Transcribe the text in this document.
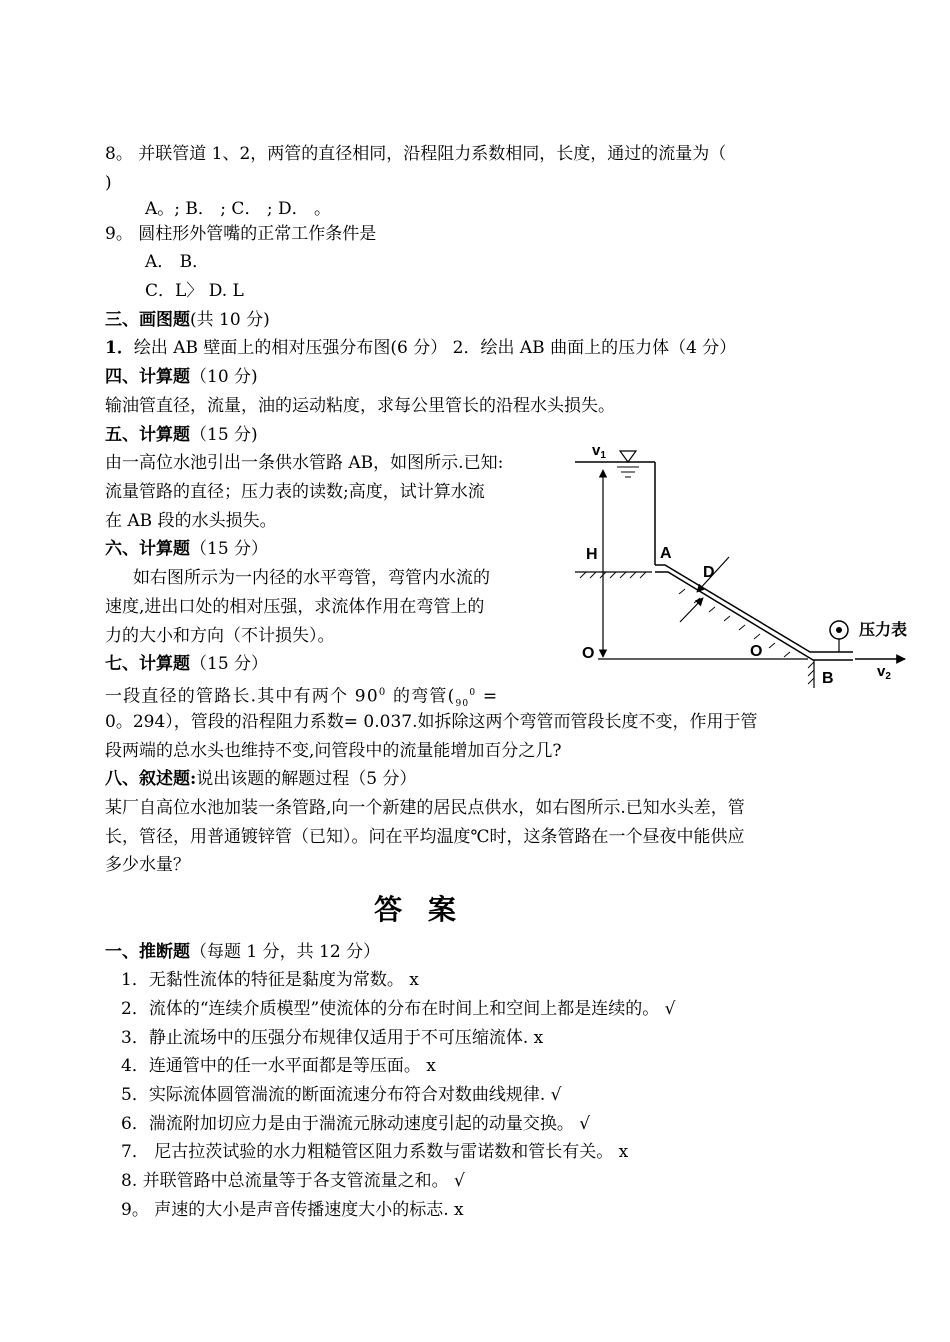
8。 并联管道 1、2，两管的直径相同，沿程阻力系数相同，长度，通过的流量为（
)
A。; B． ; C． ; D． 。
9。 圆柱形外管嘴的正常工作条件是
A． B．
C．L〉 D. L
三、画图题(共 10 分)
1．绘出 AB 壁面上的相对压强分布图(6 分） 2．绘出 AB 曲面上的压力体（4 分）
四、计算题（10 分)
输油管直径，流量，油的运动粘度，求每公里管长的沿程水头损失。
五、计算题（15 分)
由一高位水池引出一条供水管路 AB，如图所示.已知:
流量管路的直径；压力表的读数;高度，试计算水流
在 AB 段的水头损失。
六、计算题（15 分）
如右图所示为一内径的水平弯管，弯管内水流的
速度,进出口处的相对压强，求流体作用在弯管上的
力的大小和方向（不计损失）。
七、计算题（15 分）
一段直径的管路长.其中有两个 $90^0$ 的弯管($_{90}^0$ =
0。294），管段的沿程阻力系数= 0.037.如拆除这两个弯管而管段长度不变，作用于管
段两端的总水头也维持不变,问管段中的流量能增加百分之几?
八、叙述题:说出该题的解题过程（5 分）
某厂自高位水池加装一条管路,向一个新建的居民点供水，如右图所示.已知水头差，管
长，管径，用普通镀锌管（已知）。问在平均温度℃时，这条管路在一个昼夜中能供应
多少水量？
答 案
一、推断题（每题 1 分，共 12 分）
1．无黏性流体的特征是黏度为常数。 x
2．流体的“连续介质模型”使流体的分布在时间上和空间上都是连续的。 √
3．静止流场中的压强分布规律仅适用于不可压缩流体. x
4．连通管中的任一水平面都是等压面。 x
5．实际流体圆管湍流的断面流速分布符合对数曲线规律. √
6．湍流附加切应力是由于湍流元脉动速度引起的动量交换。 √
7． 尼古拉茨试验的水力粗糙管区阻力系数与雷诺数和管长有关。 x
8. 并联管路中总流量等于各支管流量之和。 √
9。 声速的大小是声音传播速度大小的标志. x
$v_1$
H
O	O
D
A
B
压力表
$v_2$
